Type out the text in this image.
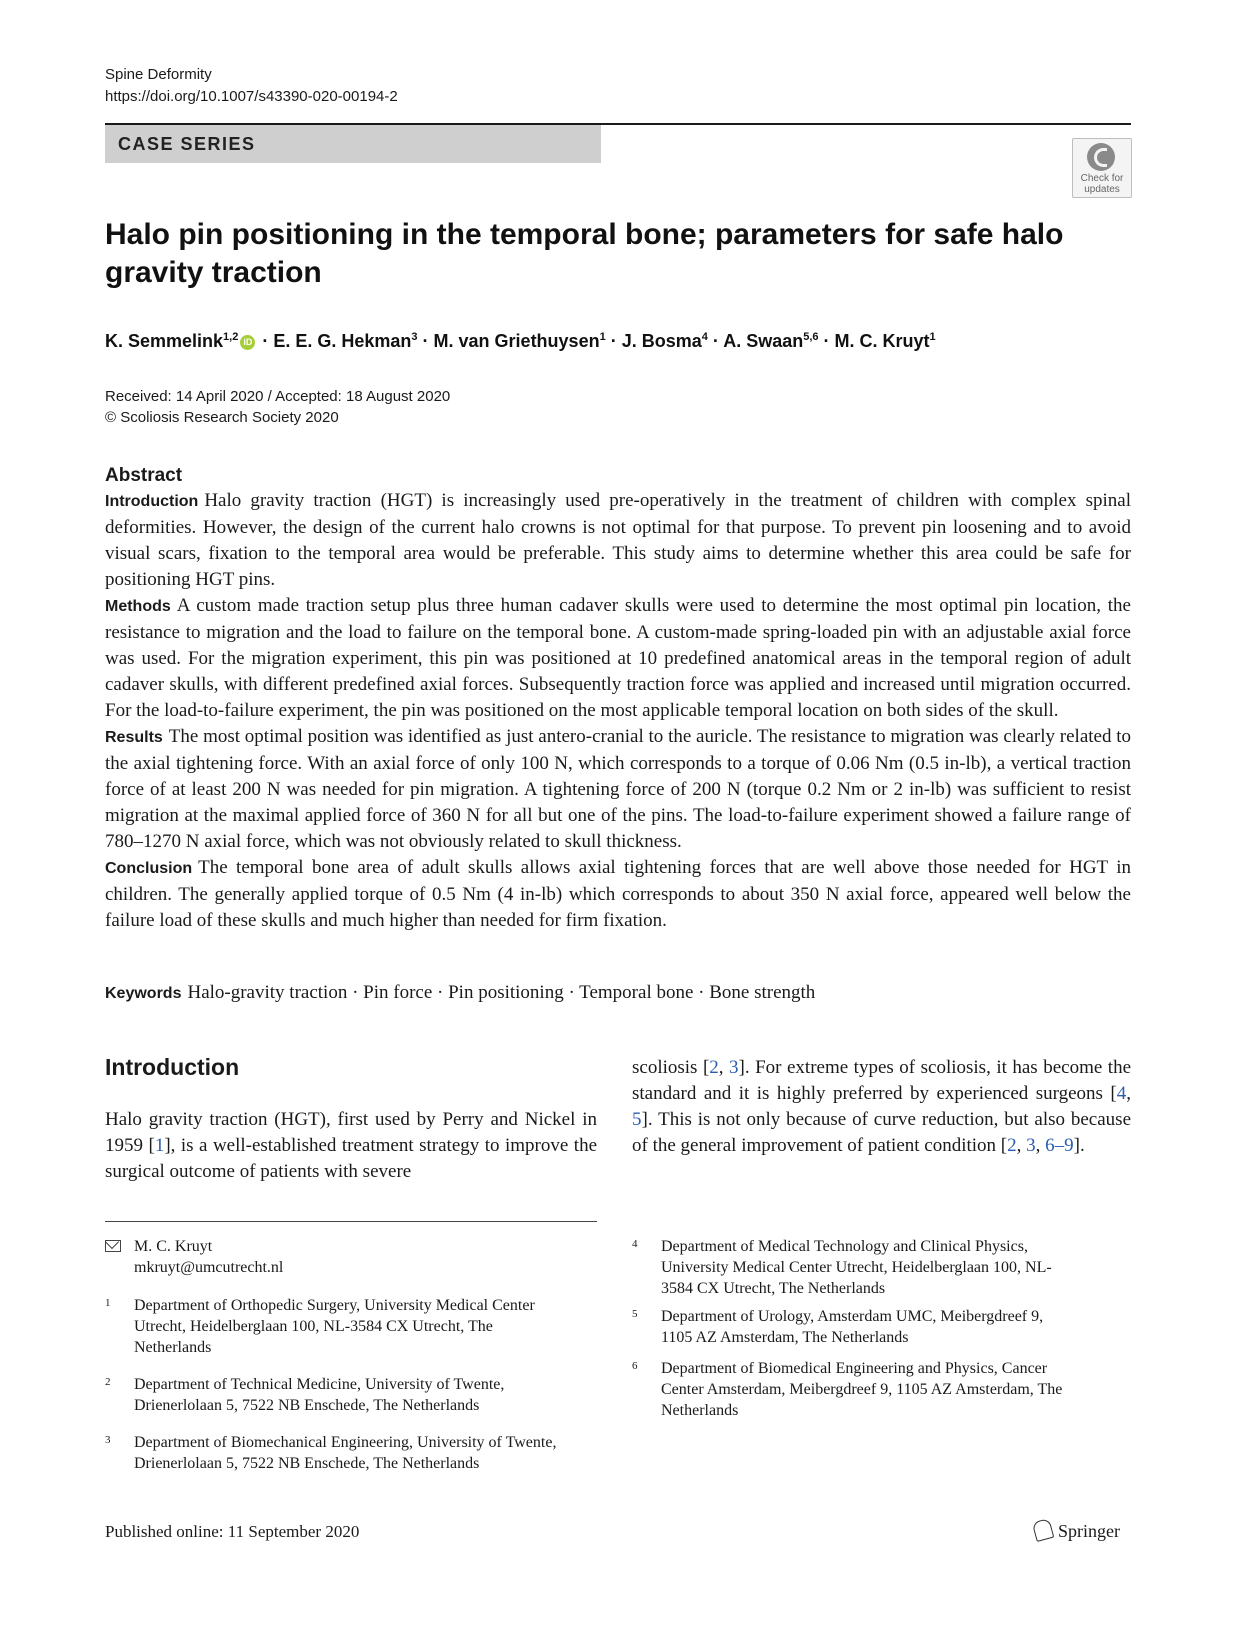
Spine Deformity
https://doi.org/10.1007/s43390-020-00194-2
CASE SERIES
Check for
updates
Halo pin positioning in the temporal bone; parameters for safe halo gravity traction
K. Semmelink$^{1,2}$ iD · E. E. G. Hekman$^3$ · M. van Griethuysen$^1$ · J. Bosma$^4$ · A. Swaan$^{5,6}$ · M. C. Kruyt$^1$
Received: 14 April 2020 / Accepted: 18 August 2020
© Scoliosis Research Society 2020
Abstract

Introduction Halo gravity traction (HGT) is increasingly used pre-operatively in the treatment of children with complex spinal deformities. However, the design of the current halo crowns is not optimal for that purpose. To prevent pin loosening and to avoid visual scars, fixation to the temporal area would be preferable. This study aims to determine whether this area could be safe for positioning HGT pins.

Methods A custom made traction setup plus three human cadaver skulls were used to determine the most optimal pin location, the resistance to migration and the load to failure on the temporal bone. A custom-made spring-loaded pin with an adjustable axial force was used. For the migration experiment, this pin was positioned at 10 predefined anatomical areas in the temporal region of adult cadaver skulls, with different predefined axial forces. Subsequently traction force was applied and increased until migration occurred. For the load-to-failure experiment, the pin was positioned on the most applicable temporal location on both sides of the skull.

Results The most optimal position was identified as just antero-cranial to the auricle. The resistance to migration was clearly related to the axial tightening force. With an axial force of only 100 N, which corresponds to a torque of 0.06 Nm (0.5 in-lb), a vertical traction force of at least 200 N was needed for pin migration. A tightening force of 200 N (torque 0.2 Nm or 2 in-lb) was sufficient to resist migration at the maximal applied force of 360 N for all but one of the pins. The load-to-failure experiment showed a failure range of 780–1270 N axial force, which was not obviously related to skull thickness.

Conclusion The temporal bone area of adult skulls allows axial tightening forces that are well above those needed for HGT in children. The generally applied torque of 0.5 Nm (4 in-lb) which corresponds to about 350 N axial force, appeared well below the failure load of these skulls and much higher than needed for firm fixation.

Keywords Halo-gravity traction · Pin force · Pin positioning · Temporal bone · Bone strength
Introduction
Halo gravity traction (HGT), first used by Perry and Nickel in 1959 [1], is a well-established treatment strategy to improve the surgical outcome of patients with severe
scoliosis [2, 3]. For extreme types of scoliosis, it has become the standard and it is highly preferred by experienced surgeons [4, 5]. This is not only because of curve reduction, but also because of the general improvement of patient condition [2, 3, 6–9].
M. C. Kruyt
mkruyt@umcutrecht.nl
1 Department of Orthopedic Surgery, University Medical Center Utrecht, Heidelberglaan 100, NL-3584 CX Utrecht, The Netherlands
2 Department of Technical Medicine, University of Twente, Drienerlolaan 5, 7522 NB Enschede, The Netherlands
3 Department of Biomechanical Engineering, University of Twente, Drienerlolaan 5, 7522 NB Enschede, The Netherlands
4 Department of Medical Technology and Clinical Physics, University Medical Center Utrecht, Heidelberglaan 100, NL-3584 CX Utrecht, The Netherlands
5 Department of Urology, Amsterdam UMC, Meibergdreef 9, 1105 AZ Amsterdam, The Netherlands
6 Department of Biomedical Engineering and Physics, Cancer Center Amsterdam, Meibergdreef 9, 1105 AZ Amsterdam, The Netherlands
Published online: 11 September 2020	Springer
